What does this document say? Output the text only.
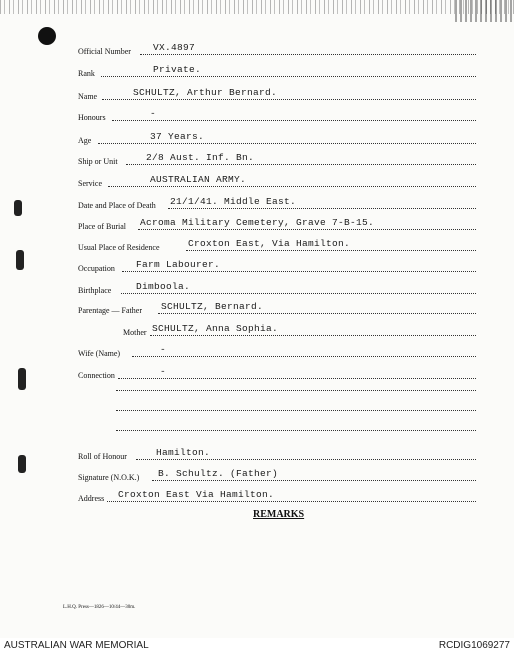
Official Number VX.4897
Rank	Private.
Name	SCHULTZ, Arthur Bernard.
Honours	-
Age	37 Years.
Ship or Unit	2/8 Aust. Inf. Bn.
Service	AUSTRALIAN ARMY.
Date and Place of Death 21/1/41. Middle East.
Place of Burial Acroma Military Cemetery, Grave 7-B-15.
Usual Place of Residence	Croxton East, Via Hamilton.
Occupation Farm Labourer.
Birthplace	Dimboola.
Parentage — Father SCHULTZ, Bernard.
Mother SCHULTZ, Anna Sophia.
Wife (Name)	-
Connection	-
Roll of Honour	Hamilton.
Signature (N.O.K.) B. Schultz. (Father)
Address Croxton East Via Hamilton.
REMARKS
L.H.Q. Press—1826—10/44—30m.
AUSTRALIAN WAR MEMORIAL	RCDIG1069277
